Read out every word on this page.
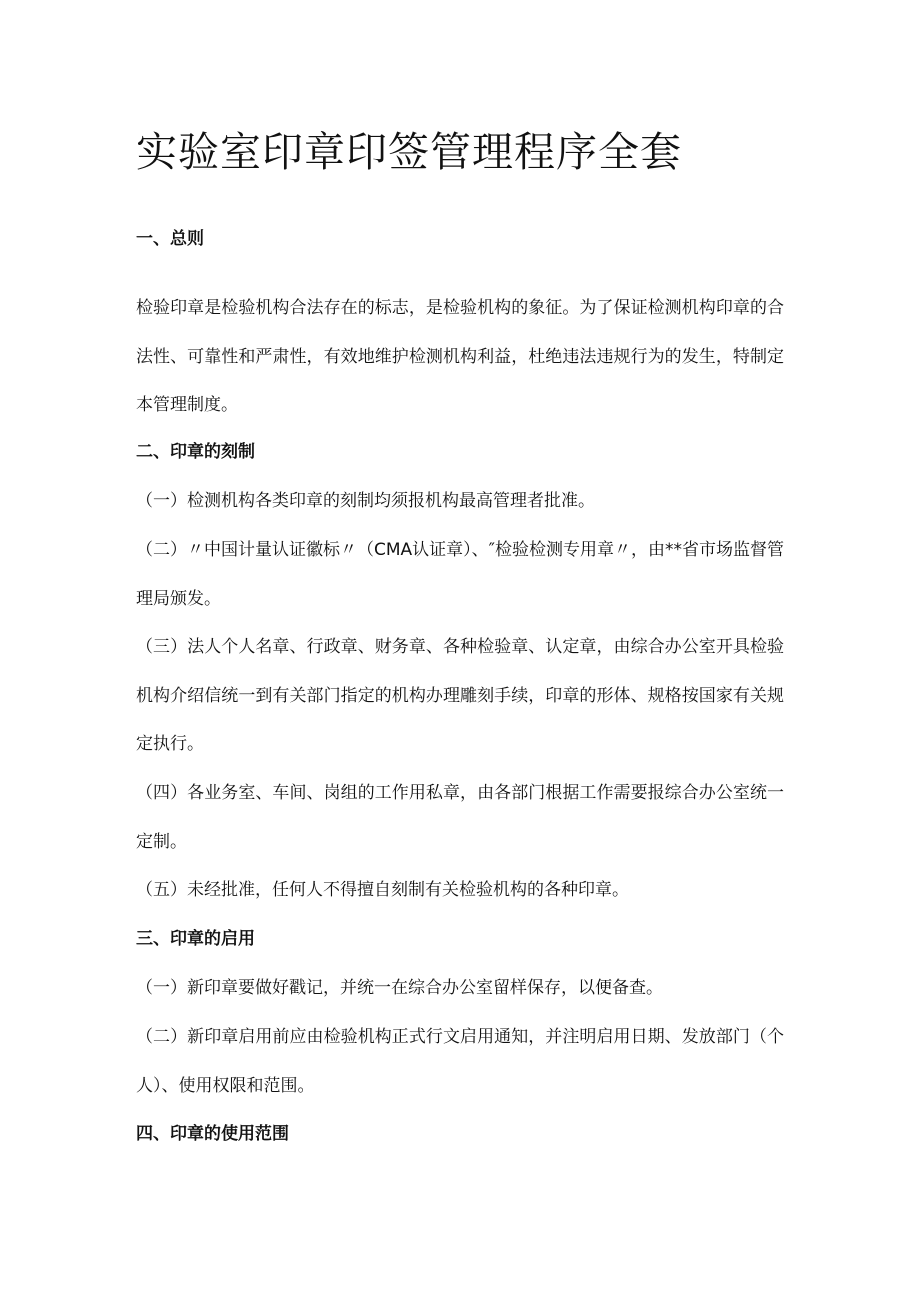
实验室印章印签管理程序全套
一、总则

检验印章是检验机构合法存在的标志，是检验机构的象征。为了保证检测机构印章的合法性、可靠性和严肃性，有效地维护检测机构利益，杜绝违法违规行为的发生，特制定本管理制度。

二、印章的刻制

（一）检测机构各类印章的刻制均须报机构最高管理者批准。

（二）〃中国计量认证徽标〃（CMA认证章）、″检验检测专用章〃，由**省市场监督管理局颁发。

（三）法人个人名章、行政章、财务章、各种检验章、认定章，由综合办公室开具检验机构介绍信统一到有关部门指定的机构办理雕刻手续，印章的形体、规格按国家有关规定执行。

（四）各业务室、车间、岗组的工作用私章，由各部门根据工作需要报综合办公室统一定制。

（五）未经批准，任何人不得擅自刻制有关检验机构的各种印章。

三、印章的启用

（一）新印章要做好戳记，并统一在综合办公室留样保存，以便备查。

（二）新印章启用前应由检验机构正式行文启用通知，并注明启用日期、发放部门（个人）、使用权限和范围。

四、印章的使用范围
